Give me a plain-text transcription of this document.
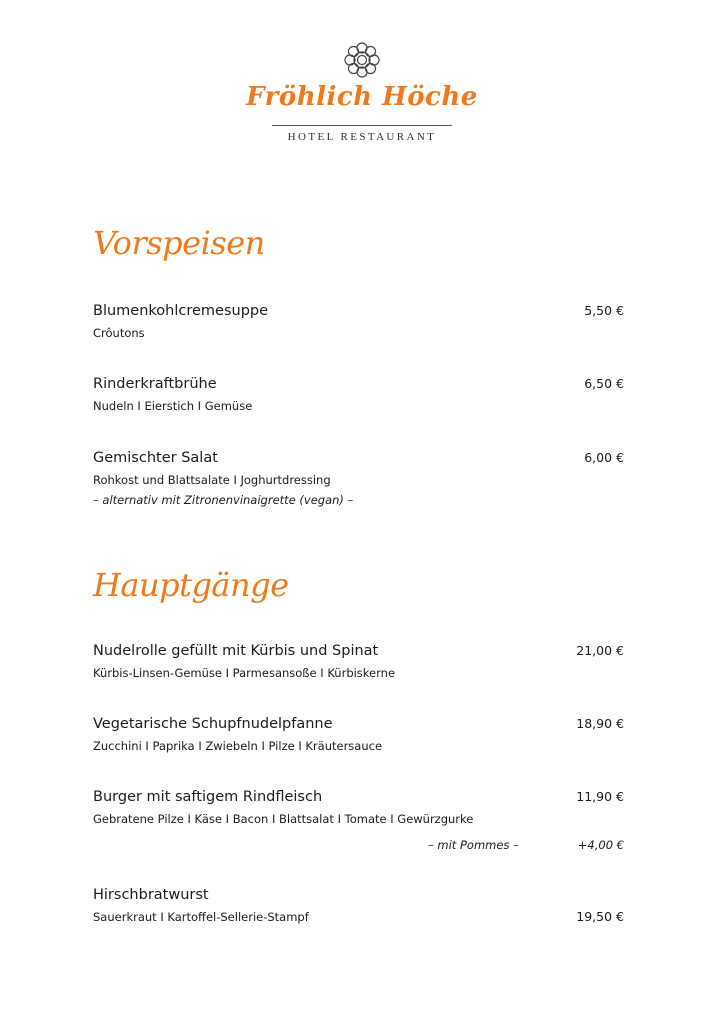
Fröhlich Höche
HOTEL RESTAURANT
Vorspeisen
Blumenkohlcremesuppe
Crôutons
5,50 €
Rinderkraftbrühe
Nudeln I Eierstich I Gemüse
6,50 €
Gemischter Salat
Rohkost und Blattsalate I Joghurtdressing
– alternativ mit Zitronenvinaigrette (vegan) –
6,00 €
Hauptgänge
Nudelrolle gefüllt mit Kürbis und Spinat
Kürbis-Linsen-Gemüse I Parmesansoße I Kürbiskerne
21,00 €
Vegetarische Schupfnudelpfanne
Zucchini I Paprika I Zwiebeln I Pilze I Kräutersauce
18,90 €
Burger mit saftigem Rindfleisch
Gebratene Pilze I Käse I Bacon I Blattsalat I Tomate I Gewürzgurke
11,90 €
– mit Pommes –	+4,00 €
Hirschbratwurst
Sauerkraut I Kartoffel-Sellerie-Stampf	19,50 €
